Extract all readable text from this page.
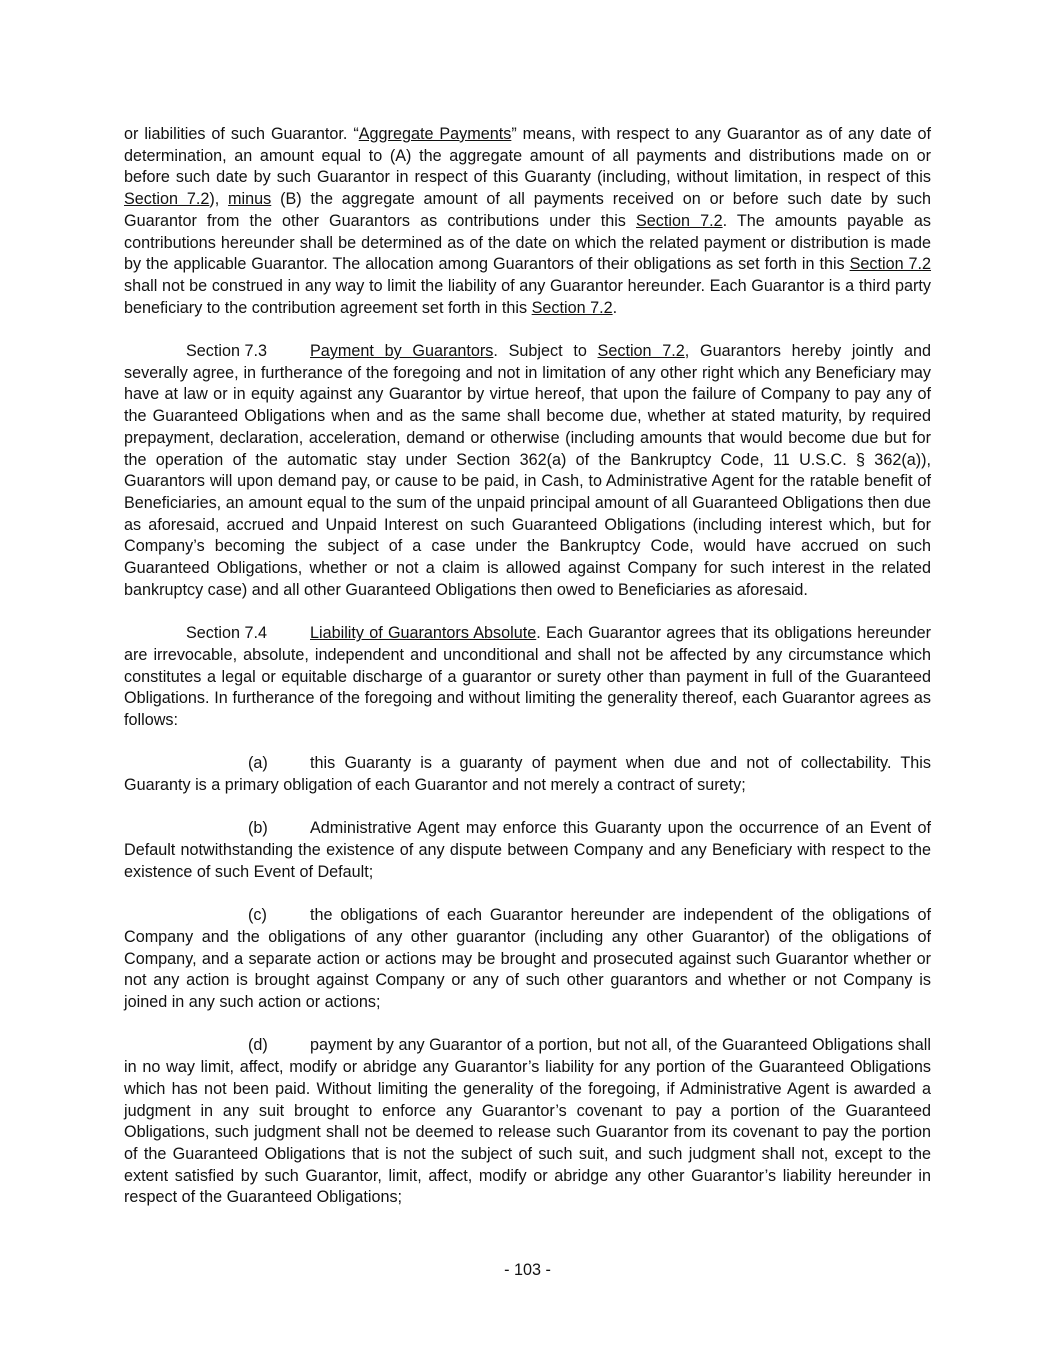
or liabilities of such Guarantor. “Aggregate Payments” means, with respect to any Guarantor as of any date of determination, an amount equal to (A) the aggregate amount of all payments and distributions made on or before such date by such Guarantor in respect of this Guaranty (including, without limitation, in respect of this Section 7.2), minus (B) the aggregate amount of all payments received on or before such date by such Guarantor from the other Guarantors as contributions under this Section 7.2. The amounts payable as contributions hereunder shall be determined as of the date on which the related payment or distribution is made by the applicable Guarantor. The allocation among Guarantors of their obligations as set forth in this Section 7.2 shall not be construed in any way to limit the liability of any Guarantor hereunder. Each Guarantor is a third party beneficiary to the contribution agreement set forth in this Section 7.2.

Section 7.3	Payment by Guarantors. Subject to Section 7.2, Guarantors hereby jointly and severally agree, in furtherance of the foregoing and not in limitation of any other right which any Beneficiary may have at law or in equity against any Guarantor by virtue hereof, that upon the failure of Company to pay any of the Guaranteed Obligations when and as the same shall become due, whether at stated maturity, by required prepayment, declaration, acceleration, demand or otherwise (including amounts that would become due but for the operation of the automatic stay under Section 362(a) of the Bankruptcy Code, 11 U.S.C. § 362(a)), Guarantors will upon demand pay, or cause to be paid, in Cash, to Administrative Agent for the ratable benefit of Beneficiaries, an amount equal to the sum of the unpaid principal amount of all Guaranteed Obligations then due as aforesaid, accrued and Unpaid Interest on such Guaranteed Obligations (including interest which, but for Company’s becoming the subject of a case under the Bankruptcy Code, would have accrued on such Guaranteed Obligations, whether or not a claim is allowed against Company for such interest in the related bankruptcy case) and all other Guaranteed Obligations then owed to Beneficiaries as aforesaid.

Section 7.4	Liability of Guarantors Absolute. Each Guarantor agrees that its obligations hereunder are irrevocable, absolute, independent and unconditional and shall not be affected by any circumstance which constitutes a legal or equitable discharge of a guarantor or surety other than payment in full of the Guaranteed Obligations. In furtherance of the foregoing and without limiting the generality thereof, each Guarantor agrees as follows:

(a)	this Guaranty is a guaranty of payment when due and not of collectability. This Guaranty is a primary obligation of each Guarantor and not merely a contract of surety;

(b)	Administrative Agent may enforce this Guaranty upon the occurrence of an Event of Default notwithstanding the existence of any dispute between Company and any Beneficiary with respect to the existence of such Event of Default;

(c)	the obligations of each Guarantor hereunder are independent of the obligations of Company and the obligations of any other guarantor (including any other Guarantor) of the obligations of Company, and a separate action or actions may be brought and prosecuted against such Guarantor whether or not any action is brought against Company or any of such other guarantors and whether or not Company is joined in any such action or actions;

(d)	payment by any Guarantor of a portion, but not all, of the Guaranteed Obligations shall in no way limit, affect, modify or abridge any Guarantor’s liability for any portion of the Guaranteed Obligations which has not been paid. Without limiting the generality of the foregoing, if Administrative Agent is awarded a judgment in any suit brought to enforce any Guarantor’s covenant to pay a portion of the Guaranteed Obligations, such judgment shall not be deemed to release such Guarantor from its covenant to pay the portion of the Guaranteed Obligations that is not the subject of such suit, and such judgment shall not, except to the extent satisfied by such Guarantor, limit, affect, modify or abridge any other Guarantor’s liability hereunder in respect of the Guaranteed Obligations;

- 103 -
